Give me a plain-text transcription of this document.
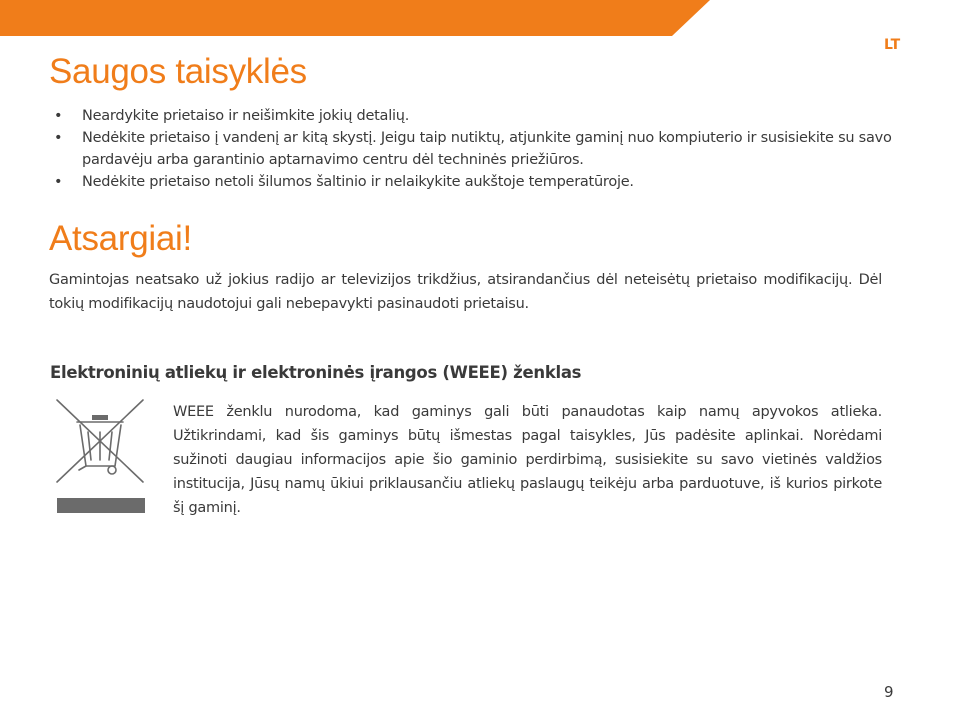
LT
Saugos taisyklės
• Neardykite prietaiso ir neišimkite jokių detalių.
• Nedėkite prietaiso į vandenį ar kitą skystį. Jeigu taip nutiktų, atjunkite gaminį nuo kompiuterio ir susisiekite su savo pardavėju arba garantinio aptarnavimo centru dėl techninės priežiūros.
• Nedėkite prietaiso netoli šilumos šaltinio ir nelaikykite aukštoje temperatūroje.
Atsargiai!

Gamintojas neatsako už jokius radijo ar televizijos trikdžius, atsirandančius dėl neteisėtų prietaiso modifikacijų. Dėl tokių modifikacijų naudotojui gali nebepavykti pasinaudoti prietaisu.

Elektroninių atliekų ir elektroninės įrangos (WEEE) ženklas

WEEE ženklu nurodoma, kad gaminys gali būti panaudotas kaip namų apyvokos atlieka. Užtikrindami, kad šis gaminys būtų išmestas pagal taisykles, Jūs padėsite aplinkai. Norėdami sužinoti daugiau informacijos apie šio gaminio perdirbimą, susisiekite su savo vietinės valdžios institucija, Jūsų namų ūkiui priklausančiu atliekų paslaugų teikėju arba parduotuve, iš kurios pirkote šį gaminį.

9
